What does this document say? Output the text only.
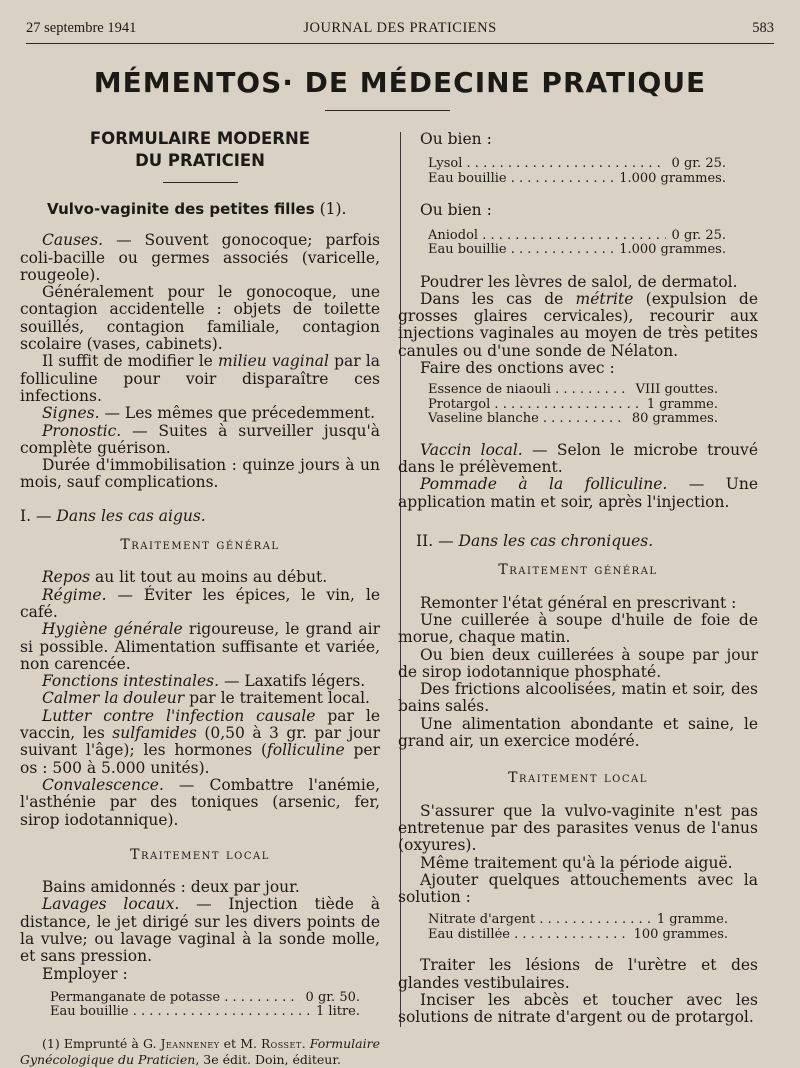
27 septembre 1941	JOURNAL DES PRATICIENS	583
MÉMENTOS· DE MÉDECINE PRATIQUE
FORMULAIRE MODERNE
DU PRATICIEN

Vulvo-vaginite des petites filles (1).

Causes. — Souvent gonocoque; parfois coli-bacille ou germes associés (varicelle, rougeole).

Généralement pour le gonocoque, une contagion accidentelle : objets de toilette souillés, contagion familiale, contagion scolaire (vases, cabinets).

Il suffit de modifier le milieu vaginal par la folliculine pour voir disparaître ces infections.

Signes. — Les mêmes que précedemment.

Pronostic. — Suites à surveiller jusqu'à complète guérison.

Durée d'immobilisation : quinze jours à un mois, sauf complications.

I. — Dans les cas aigus.

Traitement général

Repos au lit tout au moins au début.

Régime. — Éviter les épices, le vin, le café.

Hygiène générale rigoureuse, le grand air si possible. Alimentation suffisante et variée, non carencée.

Fonctions intestinales. — Laxatifs légers.

Calmer la douleur par le traitement local.

Lutter contre l'infection causale par le vaccin, les sulfamides (0,50 à 3 gr. par jour suivant l'âge); les hormones (folliculine per os : 500 à 5.000 unités).

Convalescence. — Combattre l'anémie, l'asthénie par des toniques (arsenic, fer, sirop iodotannique).

Traitement local

Bains amidonnés : deux par jour.

Lavages locaux. — Injection tiède à distance, le jet dirigé sur les divers points de la vulve; ou lavage vaginal à la sonde molle, et sans pression.

Employer :

Permanganate de potasse . . .	0 gr. 50.
Eau bouillie . . .	1 litre.

(1) Emprunté à G. Jeanneney et M. Rosset. Formulaire Gynécologique du Praticien, 3e édit. Doin, éditeur.

Ou bien :

Lysol . . .	0 gr. 25.
Eau bouillie . . .	1.000 grammes.

Ou bien :

Aniodol . . .	0 gr. 25.
Eau bouillie . . .	1.000 grammes.

Poudrer les lèvres de salol, de dermatol.

Dans les cas de métrite (expulsion de grosses glaires cervicales), recourir aux injections vaginales au moyen de très petites canules ou d'une sonde de Nélaton.

Faire des onctions avec :

Essence de niaouli . . .	VIII gouttes.
Protargol . . .	1 gramme.
Vaseline blanche . . .	80 grammes.

Vaccin local. — Selon le microbe trouvé dans le prélèvement.

Pommade à la folliculine. — Une application matin et soir, après l'injection.

II. — Dans les cas chroniques.

Traitement général

Remonter l'état général en prescrivant :

Une cuillerée à soupe d'huile de foie de morue, chaque matin.

Ou bien deux cuillerées à soupe par jour de sirop iodotannique phosphaté.

Des frictions alcoolisées, matin et soir, des bains salés.

Une alimentation abondante et saine, le grand air, un exercice modéré.

Traitement local

S'assurer que la vulvo-vaginite n'est pas entretenue par des parasites venus de l'anus (oxyures).

Même traitement qu'à la période aiguë.

Ajouter quelques attouchements avec la solution :

Nitrate d'argent . . .	1 gramme.
Eau distillée . . .	100 grammes.

Traiter les lésions de l'urètre et des glandes vestibulaires.

Inciser les abcès et toucher avec les solutions de nitrate d'argent ou de protargol.
